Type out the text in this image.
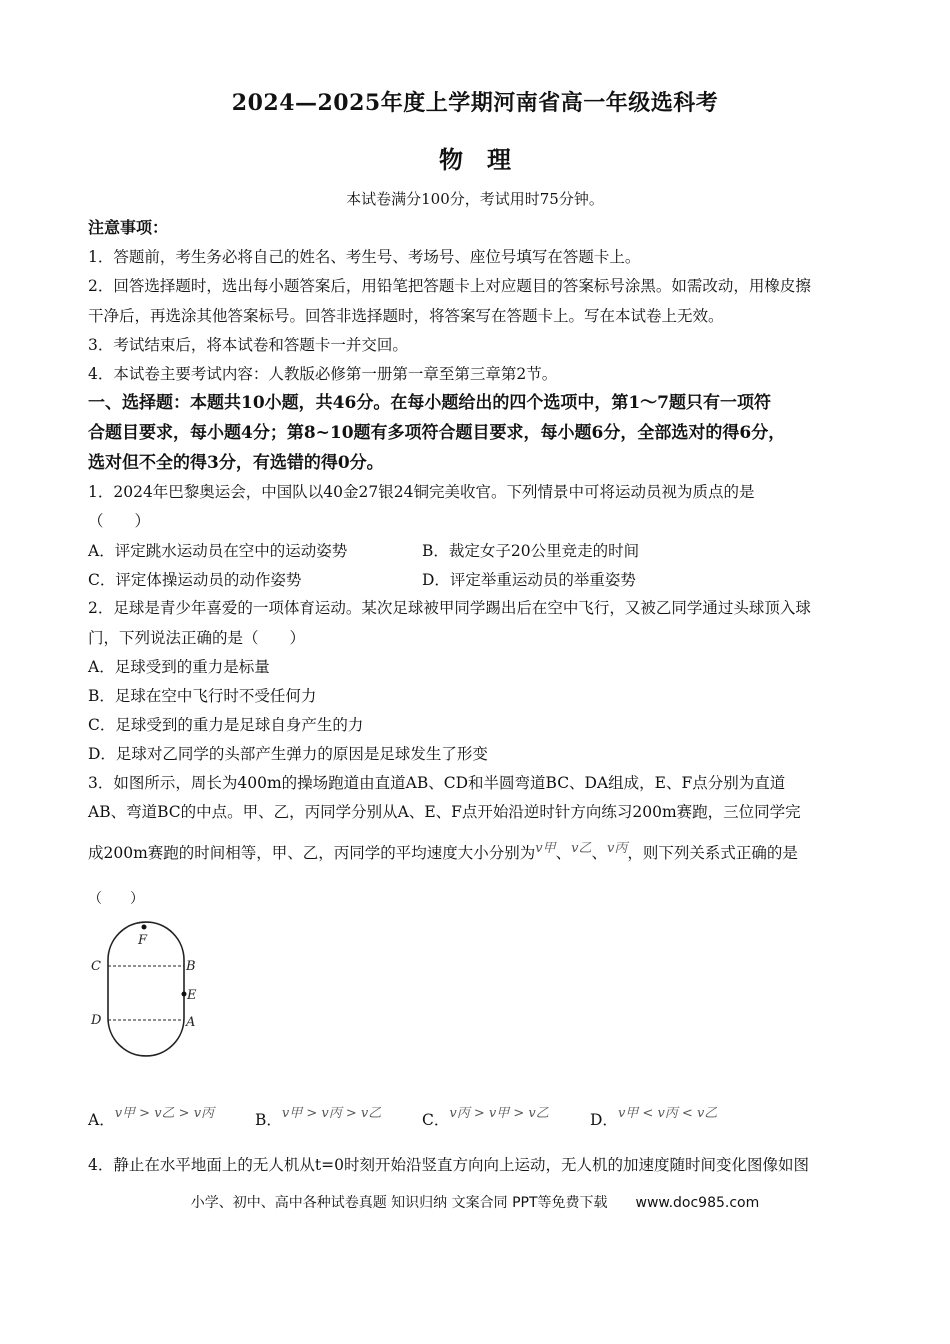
2024—2025年度上学期河南省高一年级选科考
物理
本试卷满分100分，考试用时75分钟。
注意事项：
1．答题前，考生务必将自己的姓名、考生号、考场号、座位号填写在答题卡上。
2．回答选择题时，选出每小题答案后，用铅笔把答题卡上对应题目的答案标号涂黑。如需改动，用橡皮擦
干净后，再选涂其他答案标号。回答非选择题时，将答案写在答题卡上。写在本试卷上无效。
3．考试结束后，将本试卷和答题卡一并交回。
4．本试卷主要考试内容：人教版必修第一册第一章至第三章第2节。
一、选择题：本题共10小题，共46分。在每小题给出的四个选项中，第1～7题只有一项符
合题目要求，每小题4分；第8~10题有多项符合题目要求，每小题6分，全部选对的得6分，
选对但不全的得3分，有选错的得0分。
1．2024年巴黎奥运会，中国队以40金27银24铜完美收官。下列情景中可将运动员视为质点的是
（　　）
A．评定跳水运动员在空中的运动姿势	B．裁定女子20公里竞走的时间
C．评定体操运动员的动作姿势	D．评定举重运动员的举重姿势
2．足球是青少年喜爱的一项体育运动。某次足球被甲同学踢出后在空中飞行，又被乙同学通过头球顶入球
门，下列说法正确的是（　　）
A．足球受到的重力是标量
B．足球在空中飞行时不受任何力
C．足球受到的重力是足球自身产生的力
D．足球对乙同学的头部产生弹力的原因是足球发生了形变
3．如图所示，周长为400m的操场跑道由直道AB、CD和半圆弯道BC、DA组成，E、F点分别为直道
AB、弯道BC的中点。甲、乙，丙同学分别从A、E、F点开始沿逆时针方向练习200m赛跑，三位同学完
成200m赛跑的时间相等，甲、乙，丙同学的平均速度大小分别为$^{v甲}$、$^{v乙}$、$^{v丙}$，则下列关系式正确的是
（　　）
C	B
F
E
D	A
A．v甲 > v乙 > v丙	B．v甲 > v丙 > v乙	C．v丙 > v甲 > v乙	D．v甲 < v丙 < v乙
4．静止在水平地面上的无人机从t=0时刻开始沿竖直方向向上运动，无人机的加速度随时间变化图像如图
小学、初中、高中各种试卷真题 知识归纳 文案合同 PPT等免费下载 www.doc985.com
